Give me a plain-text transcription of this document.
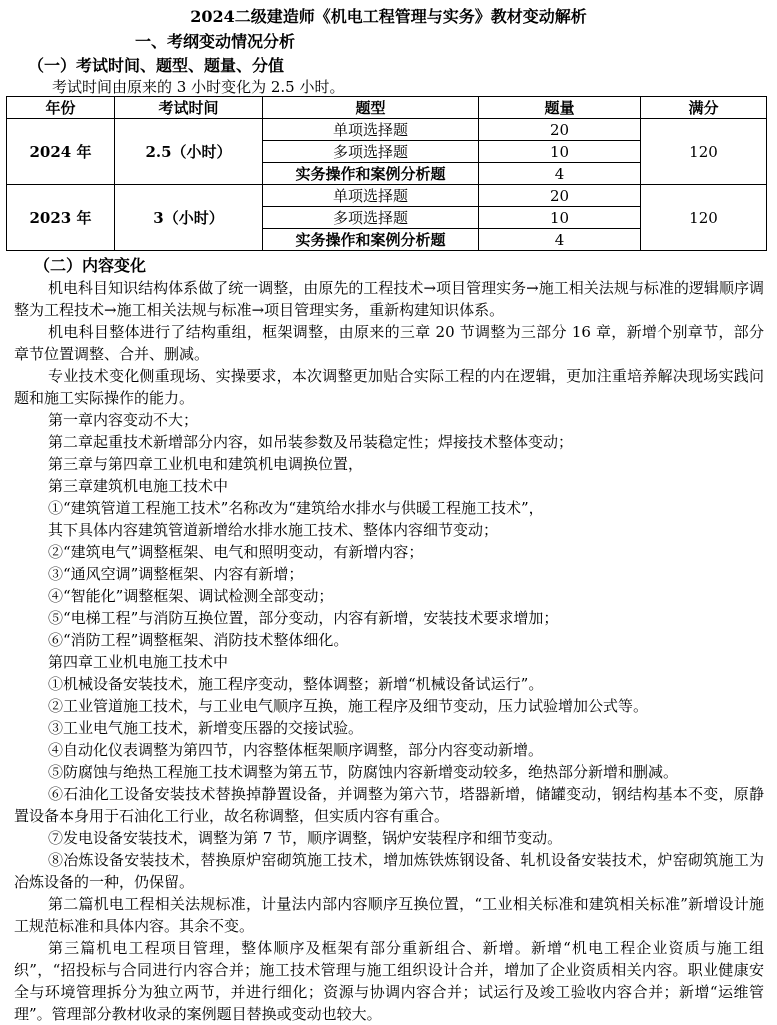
2024二级建造师《机电工程管理与实务》教材变动解析
一、考纲变动情况分析
（一）考试时间、题型、题量、分值
考试时间由原来的 3 小时变化为 2.5 小时。
年份	考试时间	题型	题量	满分
2024 年	2.5（小时）	单项选择题	20	120
		多项选择题	10	
		实务操作和案例分析题	4	
2023 年	3（小时）	单项选择题	20	120
		多项选择题	10	
		实务操作和案例分析题	4	

（二）内容变化

机电科目知识结构体系做了统一调整，由原先的工程技术→项目管理实务→施工相关法规与标准的逻辑顺序调整为工程技术→施工相关法规与标准→项目管理实务，重新构建知识体系。

机电科目整体进行了结构重组，框架调整，由原来的三章 20 节调整为三部分 16 章，新增个别章节，部分章节位置调整、合并、删减。

专业技术变化侧重现场、实操要求，本次调整更加贴合实际工程的内在逻辑，更加注重培养解决现场实践问题和施工实际操作的能力。

第一章内容变动不大；

第二章起重技术新增部分内容，如吊装参数及吊装稳定性；焊接技术整体变动；

第三章与第四章工业机电和建筑机电调换位置，

第三章建筑机电施工技术中

①“建筑管道工程施工技术”名称改为“建筑给水排水与供暖工程施工技术”，

其下具体内容建筑管道新增给水排水施工技术、整体内容细节变动；

②“建筑电气”调整框架、电气和照明变动，有新增内容；

③“通风空调”调整框架、内容有新增；

④“智能化”调整框架、调试检测全部变动；

⑤“电梯工程”与消防互换位置，部分变动，内容有新增，安装技术要求增加；

⑥“消防工程”调整框架、消防技术整体细化。

第四章工业机电施工技术中

①机械设备安装技术，施工程序变动，整体调整；新增“机械设备试运行”。

②工业管道施工技术，与工业电气顺序互换，施工程序及细节变动，压力试验增加公式等。

③工业电气施工技术，新增变压器的交接试验。

④自动化仪表调整为第四节，内容整体框架顺序调整，部分内容变动新增。

⑤防腐蚀与绝热工程施工技术调整为第五节，防腐蚀内容新增变动较多，绝热部分新增和删减。

⑥石油化工设备安装技术替换掉静置设备，并调整为第六节，塔器新增，储罐变动，钢结构基本不变，原静置设备本身用于石油化工行业，故名称调整，但实质内容有重合。

⑦发电设备安装技术，调整为第 7 节，顺序调整，锅炉安装程序和细节变动。

⑧冶炼设备安装技术，替换原炉窑砌筑施工技术，增加炼铁炼钢设备、轧机设备安装技术，炉窑砌筑施工为冶炼设备的一种，仍保留。

第二篇机电工程相关法规标准，计量法内部内容顺序互换位置，“工业相关标准和建筑相关标准”新增设计施工规范标准和具体内容。其余不变。

第三篇机电工程项目管理，整体顺序及框架有部分重新组合、新增。新增“机电工程企业资质与施工组织”，“招投标与合同进行内容合并；施工技术管理与施工组织设计合并，增加了企业资质相关内容。职业健康安全与环境管理拆分为独立两节，并进行细化；资源与协调内容合并；试运行及竣工验收内容合并；新增“运维管理”。管理部分教材收录的案例题目替换或变动也较大。
